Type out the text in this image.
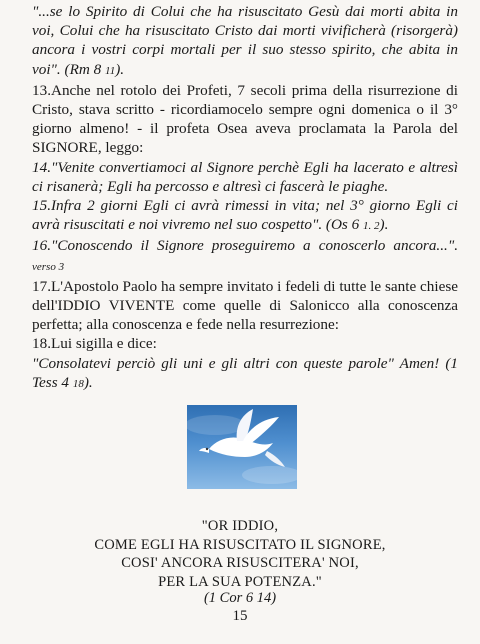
"...se lo Spirito di Colui che ha risuscitato Gesù dai morti abita in voi, Colui che ha risuscitato Cristo dai morti vivificherà (risorgerà) ancora i vostri corpi mortali per il suo stesso spirito, che abita in voi". (Rm 8 11).

13.Anche nel rotolo dei Profeti, 7 secoli prima della risurrezione di Cristo, stava scritto - ricordiamocelo sempre ogni domenica o il 3° giorno almeno! - il profeta Osea aveva proclamata la Parola del SIGNORE, leggo:

14."Venite convertiamoci al Signore perchè Egli ha lacerato e altresì ci risanerà; Egli ha percosso e altresì ci fascerà le piaghe.

15.Infra 2 giorni Egli ci avrà rimessi in vita; nel 3° giorno Egli ci avrà risuscitati e noi vivremo nel suo cospetto". (Os 6 1. 2).

16."Conoscendo il Signore proseguiremo a conoscerlo ancora...". verso 3

17.L'Apostolo Paolo ha sempre invitato i fedeli di tutte le sante chiese dell'IDDIO VIVENTE come quelle di Salonicco alla conoscenza perfetta; alla conoscenza e fede nella resurrezione:

18.Lui sigilla e dice:

"Consolatevi perciò gli uni e gli altri con queste parole" Amen! (1 Tess 4 18).

"OR IDDIO,

COME EGLI HA RISUSCITATO IL SIGNORE,

COSI' ANCORA RISUSCITERA' NOI,

PER LA SUA POTENZA."

(1 Cor 6 14)
15
